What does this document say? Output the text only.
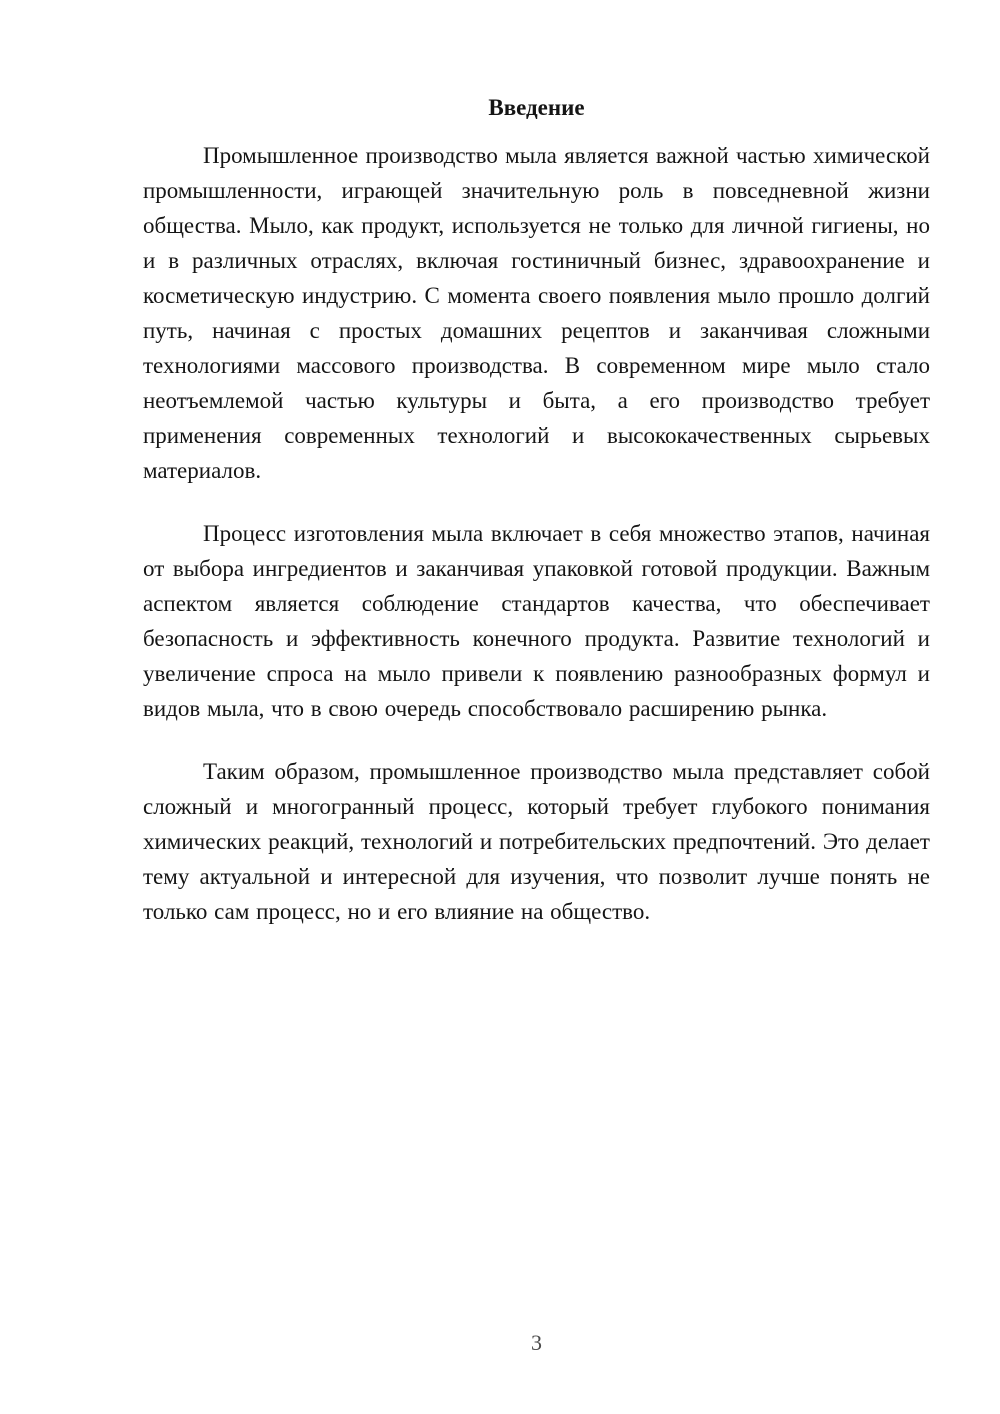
Введение

Промышленное производство мыла является важной частью химической промышленности, играющей значительную роль в повседневной жизни общества. Мыло, как продукт, используется не только для личной гигиены, но и в различных отраслях, включая гостиничный бизнес, здравоохранение и косметическую индустрию. С момента своего появления мыло прошло долгий путь, начиная с простых домашних рецептов и заканчивая сложными технологиями массового производства. В современном мире мыло стало неотъемлемой частью культуры и быта, а его производство требует применения современных технологий и высококачественных сырьевых материалов.

Процесс изготовления мыла включает в себя множество этапов, начиная от выбора ингредиентов и заканчивая упаковкой готовой продукции. Важным аспектом является соблюдение стандартов качества, что обеспечивает безопасность и эффективность конечного продукта. Развитие технологий и увеличение спроса на мыло привели к появлению разнообразных формул и видов мыла, что в свою очередь способствовало расширению рынка.

Таким образом, промышленное производство мыла представляет собой сложный и многогранный процесс, который требует глубокого понимания химических реакций, технологий и потребительских предпочтений. Это делает тему актуальной и интересной для изучения, что позволит лучше понять не только сам процесс, но и его влияние на общество.

3
